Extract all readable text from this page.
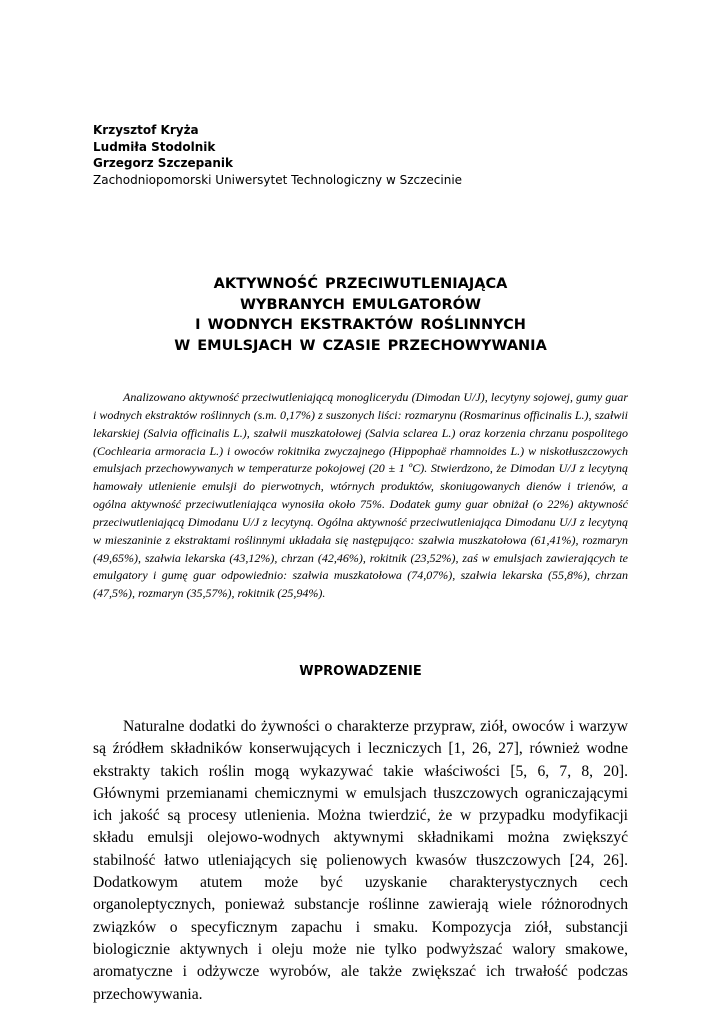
Krzysztof Kryża
Ludmiła Stodolnik
Grzegorz Szczepanik
Zachodniopomorski Uniwersytet Technologiczny w Szczecinie
AKTYWNOŚĆ PRZECIWUTLENIAJĄCA
WYBRANYCH EMULGATORÓW
I WODNYCH EKSTRAKTÓW ROŚLINNYCH
W EMULSJACH W CZASIE PRZECHOWYWANIA

Analizowano aktywność przeciwutleniającą monoglicerydu (Dimodan U/J), lecytyny sojowej, gumy guar i wodnych ekstraktów roślinnych (s.m. 0,17%) z suszonych liści: rozmarynu (Rosmarinus officinalis L.), szałwii lekarskiej (Salvia officinalis L.), szałwii muszkatołowej (Salvia sclarea L.) oraz korzenia chrzanu pospolitego (Cochlearia armoracia L.) i owoców rokitnika zwyczajnego (Hippophaë rhamnoides L.) w niskotłuszczowych emulsjach przechowywanych w temperaturze pokojowej (20 ± 1 ºC). Stwierdzono, że Dimodan U/J z lecytyną hamowały utlenienie emulsji do pierwotnych, wtórnych produktów, skoniugowanych dienów i trienów, a ogólna aktywność przeciwutleniająca wynosiła około 75%. Dodatek gumy guar obniżał (o 22%) aktywność przeciwutleniającą Dimodanu U/J z lecytyną. Ogólna aktywność przeciwutleniająca Dimodanu U/J z lecytyną w mieszaninie z ekstraktami roślinnymi układała się następująco: szałwia muszkatołowa (61,41%), rozmaryn (49,65%), szałwia lekarska (43,12%), chrzan (42,46%), rokitnik (23,52%), zaś w emulsjach zawierających te emulgatory i gumę guar odpowiednio: szałwia muszkatołowa (74,07%), szałwia lekarska (55,8%), chrzan (47,5%), rozmaryn (35,57%), rokitnik (25,94%).

WPROWADZENIE

Naturalne dodatki do żywności o charakterze przypraw, ziół, owoców i warzyw są źródłem składników konserwujących i leczniczych [1, 26, 27], również wodne ekstrakty takich roślin mogą wykazywać takie właściwości [5, 6, 7, 8, 20]. Głównymi przemianami chemicznymi w emulsjach tłuszczowych ograniczającymi ich jakość są procesy utlenienia. Można twierdzić, że w przypadku modyfikacji składu emulsji olejowo-wodnych aktywnymi składnikami można zwiększyć stabilność łatwo utleniających się polienowych kwasów tłuszczowych [24, 26]. Dodatkowym atutem może być uzyskanie charakterystycznych cech organoleptycznych, ponieważ substancje roślinne zawierają wiele różnorodnych związków o specyficznym zapachu i smaku. Kompozycja ziół, substancji biologicznie aktywnych i oleju może nie tylko podwyższać walory smakowe, aromatyczne i odżywcze wyrobów, ale także zwiększać ich trwałość podczas przechowywania.
